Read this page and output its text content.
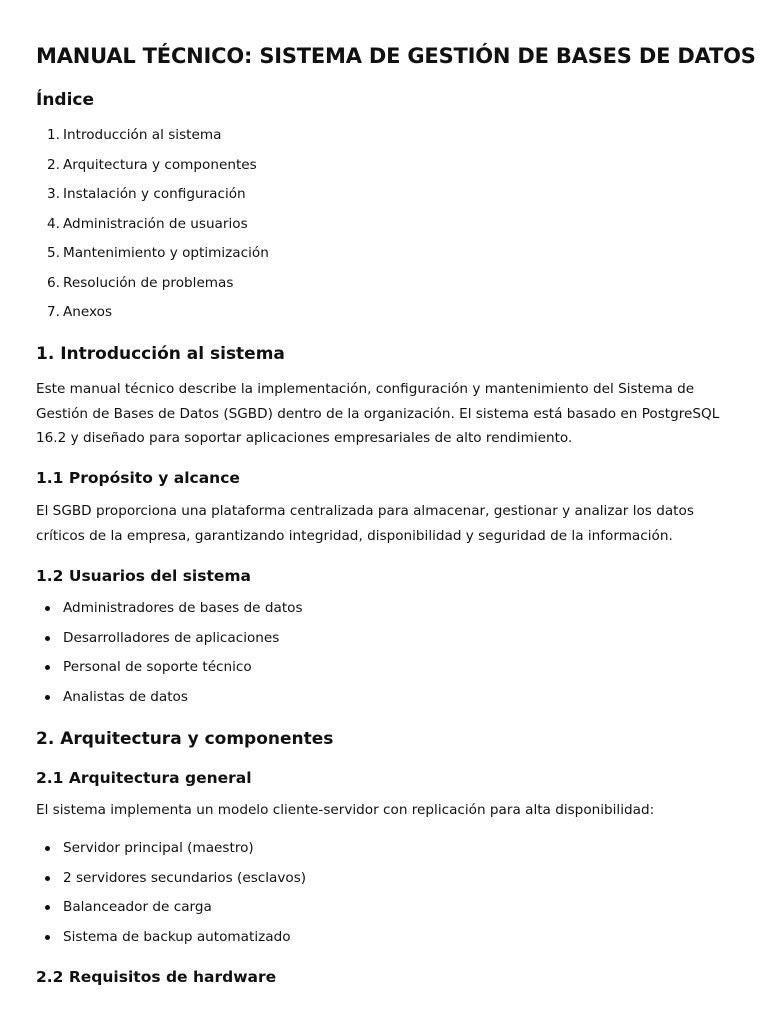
MANUAL TÉCNICO: SISTEMA DE GESTIÓN DE BASES DE DATOS
Índice
1. Introducción al sistema
2. Arquitectura y componentes
3. Instalación y configuración
4. Administración de usuarios
5. Mantenimiento y optimización
6. Resolución de problemas
7. Anexos
1. Introducción al sistema

Este manual técnico describe la implementación, configuración y mantenimiento del Sistema de Gestión de Bases de Datos (SGBD) dentro de la organización. El sistema está basado en PostgreSQL 16.2 y diseñado para soportar aplicaciones empresariales de alto rendimiento.

1.1 Propósito y alcance

El SGBD proporciona una plataforma centralizada para almacenar, gestionar y analizar los datos críticos de la empresa, garantizando integridad, disponibilidad y seguridad de la información.

1.2 Usuarios del sistema
Administradores de bases de datos
Desarrolladores de aplicaciones
Personal de soporte técnico
Analistas de datos
2. Arquitectura y componentes
2.1 Arquitectura general

El sistema implementa un modelo cliente-servidor con replicación para alta disponibilidad:

Servidor principal (maestro)
2 servidores secundarios (esclavos)
Balanceador de carga
Sistema de backup automatizado
2.2 Requisitos de hardware
